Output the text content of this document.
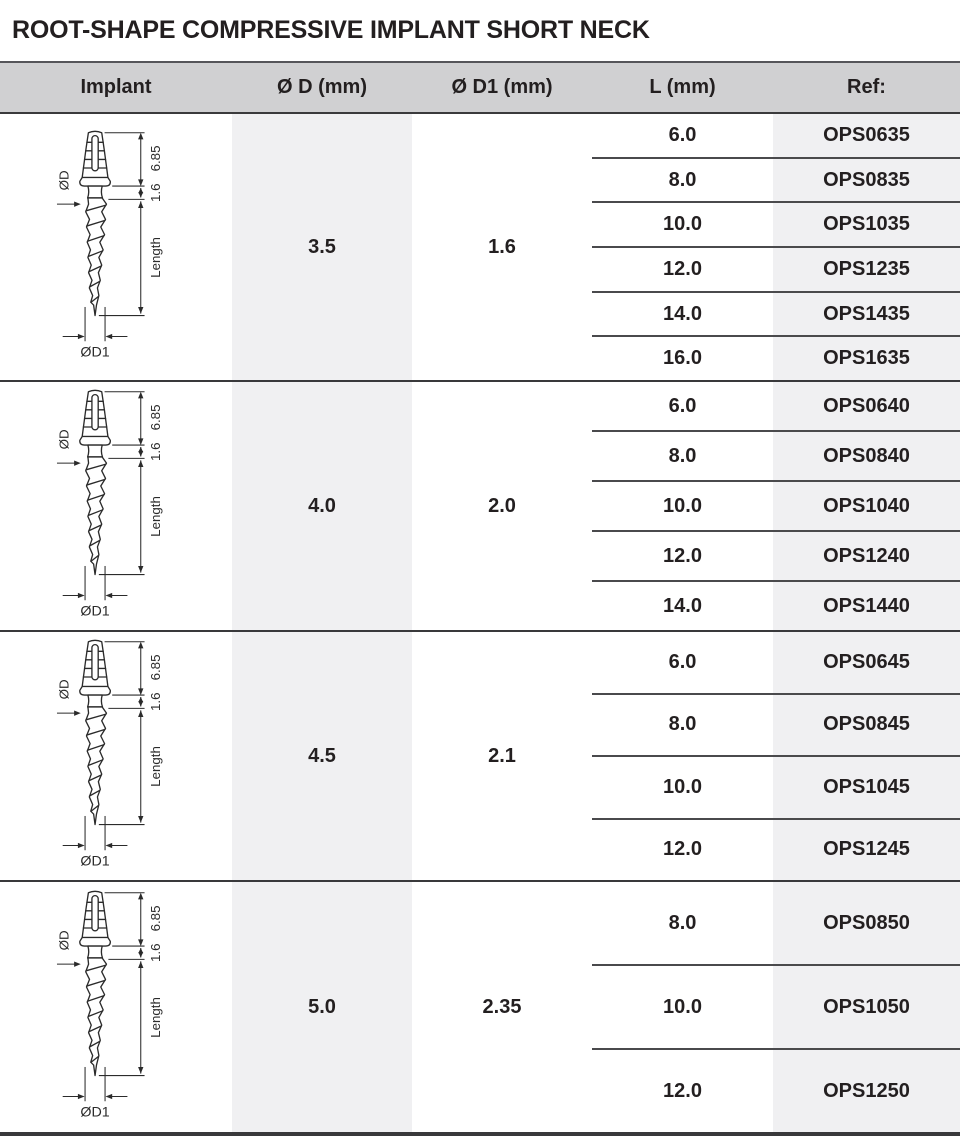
ROOT-SHAPE COMPRESSIVE IMPLANT SHORT NECK
Implant	Ø D (mm)	Ø D1 (mm)	L (mm)	Ref:
6.85
1.6
Length
ØD
ØD1
3.5	1.6
6.0	OPS0635
8.0	OPS0835
10.0	OPS1035
12.0	OPS1235
14.0	OPS1435
16.0	OPS1635
6.85
1.6
Length
ØD
ØD1
4.0	2.0
6.0	OPS0640
8.0	OPS0840
10.0	OPS1040
12.0	OPS1240
14.0	OPS1440
6.85
1.6
Length
ØD
ØD1
4.5	2.1
6.0	OPS0645
8.0	OPS0845
10.0	OPS1045
12.0	OPS1245
6.85
1.6
Length
ØD
ØD1
5.0	2.35
8.0	OPS0850
10.0	OPS1050
12.0	OPS1250
